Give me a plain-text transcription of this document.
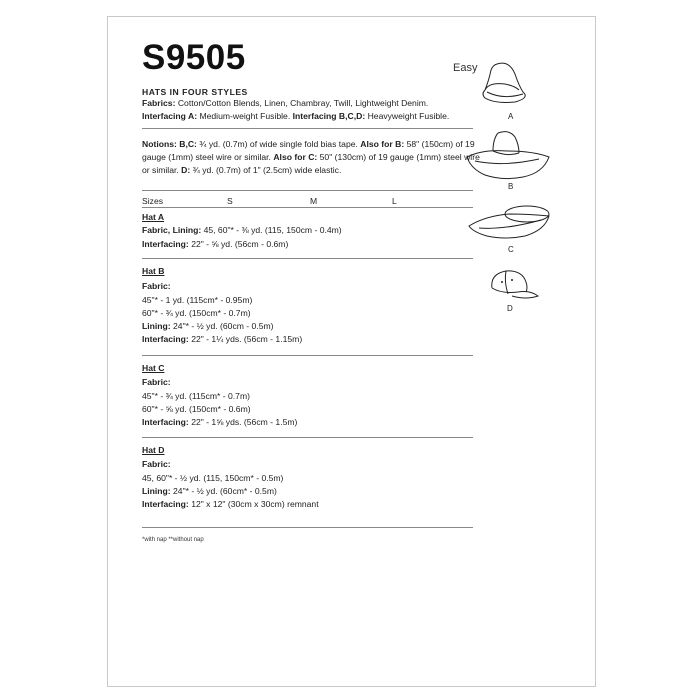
S9505	Easy
HATS IN FOUR STYLES
Fabrics: Cotton/Cotton Blends, Linen, Chambray, Twill, Lightweight Denim.
Interfacing A: Medium-weight Fusible. Interfacing B,C,D: Heavyweight Fusible.
Notions: B,C: ¾ yd. (0.7m) of wide single fold bias tape. Also for B: 58" (150cm) of 19
gauge (1mm) steel wire or similar. Also for C: 50" (130cm) of 19 gauge (1mm) steel wire
or similar. D: ¾ yd. (0.7m) of 1" (2.5cm) wide elastic.
Sizes	S	M	L
Hat A
Fabric, Lining: 45, 60"* - ⅜ yd. (115, 150cm - 0.4m)
Interfacing: 22" - ⅝ yd. (56cm - 0.6m)
Hat B
Fabric:
45"* - 1 yd. (115cm* - 0.95m)
60"* - ¾ yd. (150cm* - 0.7m)
Lining: 24"* - ½ yd. (60cm - 0.5m)
Interfacing: 22" - 1¼ yds. (56cm - 1.15m)
Hat C
Fabric:
45"* - ¾ yd. (115cm* - 0.7m)
60"* - ⅝ yd. (150cm* - 0.6m)
Interfacing: 22" - 1⅝ yds. (56cm - 1.5m)
Hat D
Fabric:
45, 60"* - ½ yd. (115, 150cm* - 0.5m)
Lining: 24"* - ½ yd. (60cm* - 0.5m)
Interfacing: 12" x 12" (30cm x 30cm) remnant
*with nap **without nap
A
B
C
D
